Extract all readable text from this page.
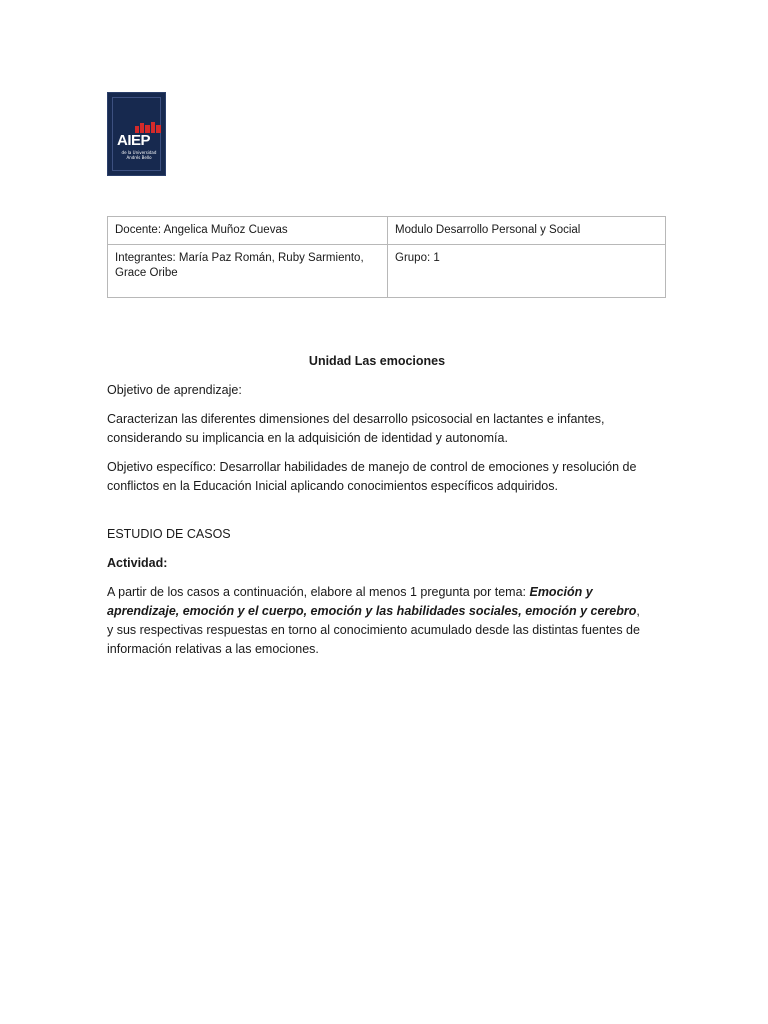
AIEP
de la Universidad
Andrés Bello
Docente: Angelica Muñoz Cuevas	Modulo Desarrollo Personal y Social

Integrantes: María Paz Román, Ruby Sarmiento,
Grace Oribe	Grupo: 1

Unidad Las emociones

Objetivo de aprendizaje:

Caracterizan las diferentes dimensiones del desarrollo psicosocial en lactantes e infantes, considerando su implicancia en la adquisición de identidad y autonomía.

Objetivo específico: Desarrollar habilidades de manejo de control de emociones y resolución de conflictos en la Educación Inicial aplicando conocimientos específicos adquiridos.

ESTUDIO DE CASOS

Actividad:

A partir de los casos a continuación, elabore al menos 1 pregunta por tema: Emoción y aprendizaje, emoción y el cuerpo, emoción y las habilidades sociales, emoción y cerebro, y sus respectivas respuestas en torno al conocimiento acumulado desde las distintas fuentes de información relativas a las emociones.
